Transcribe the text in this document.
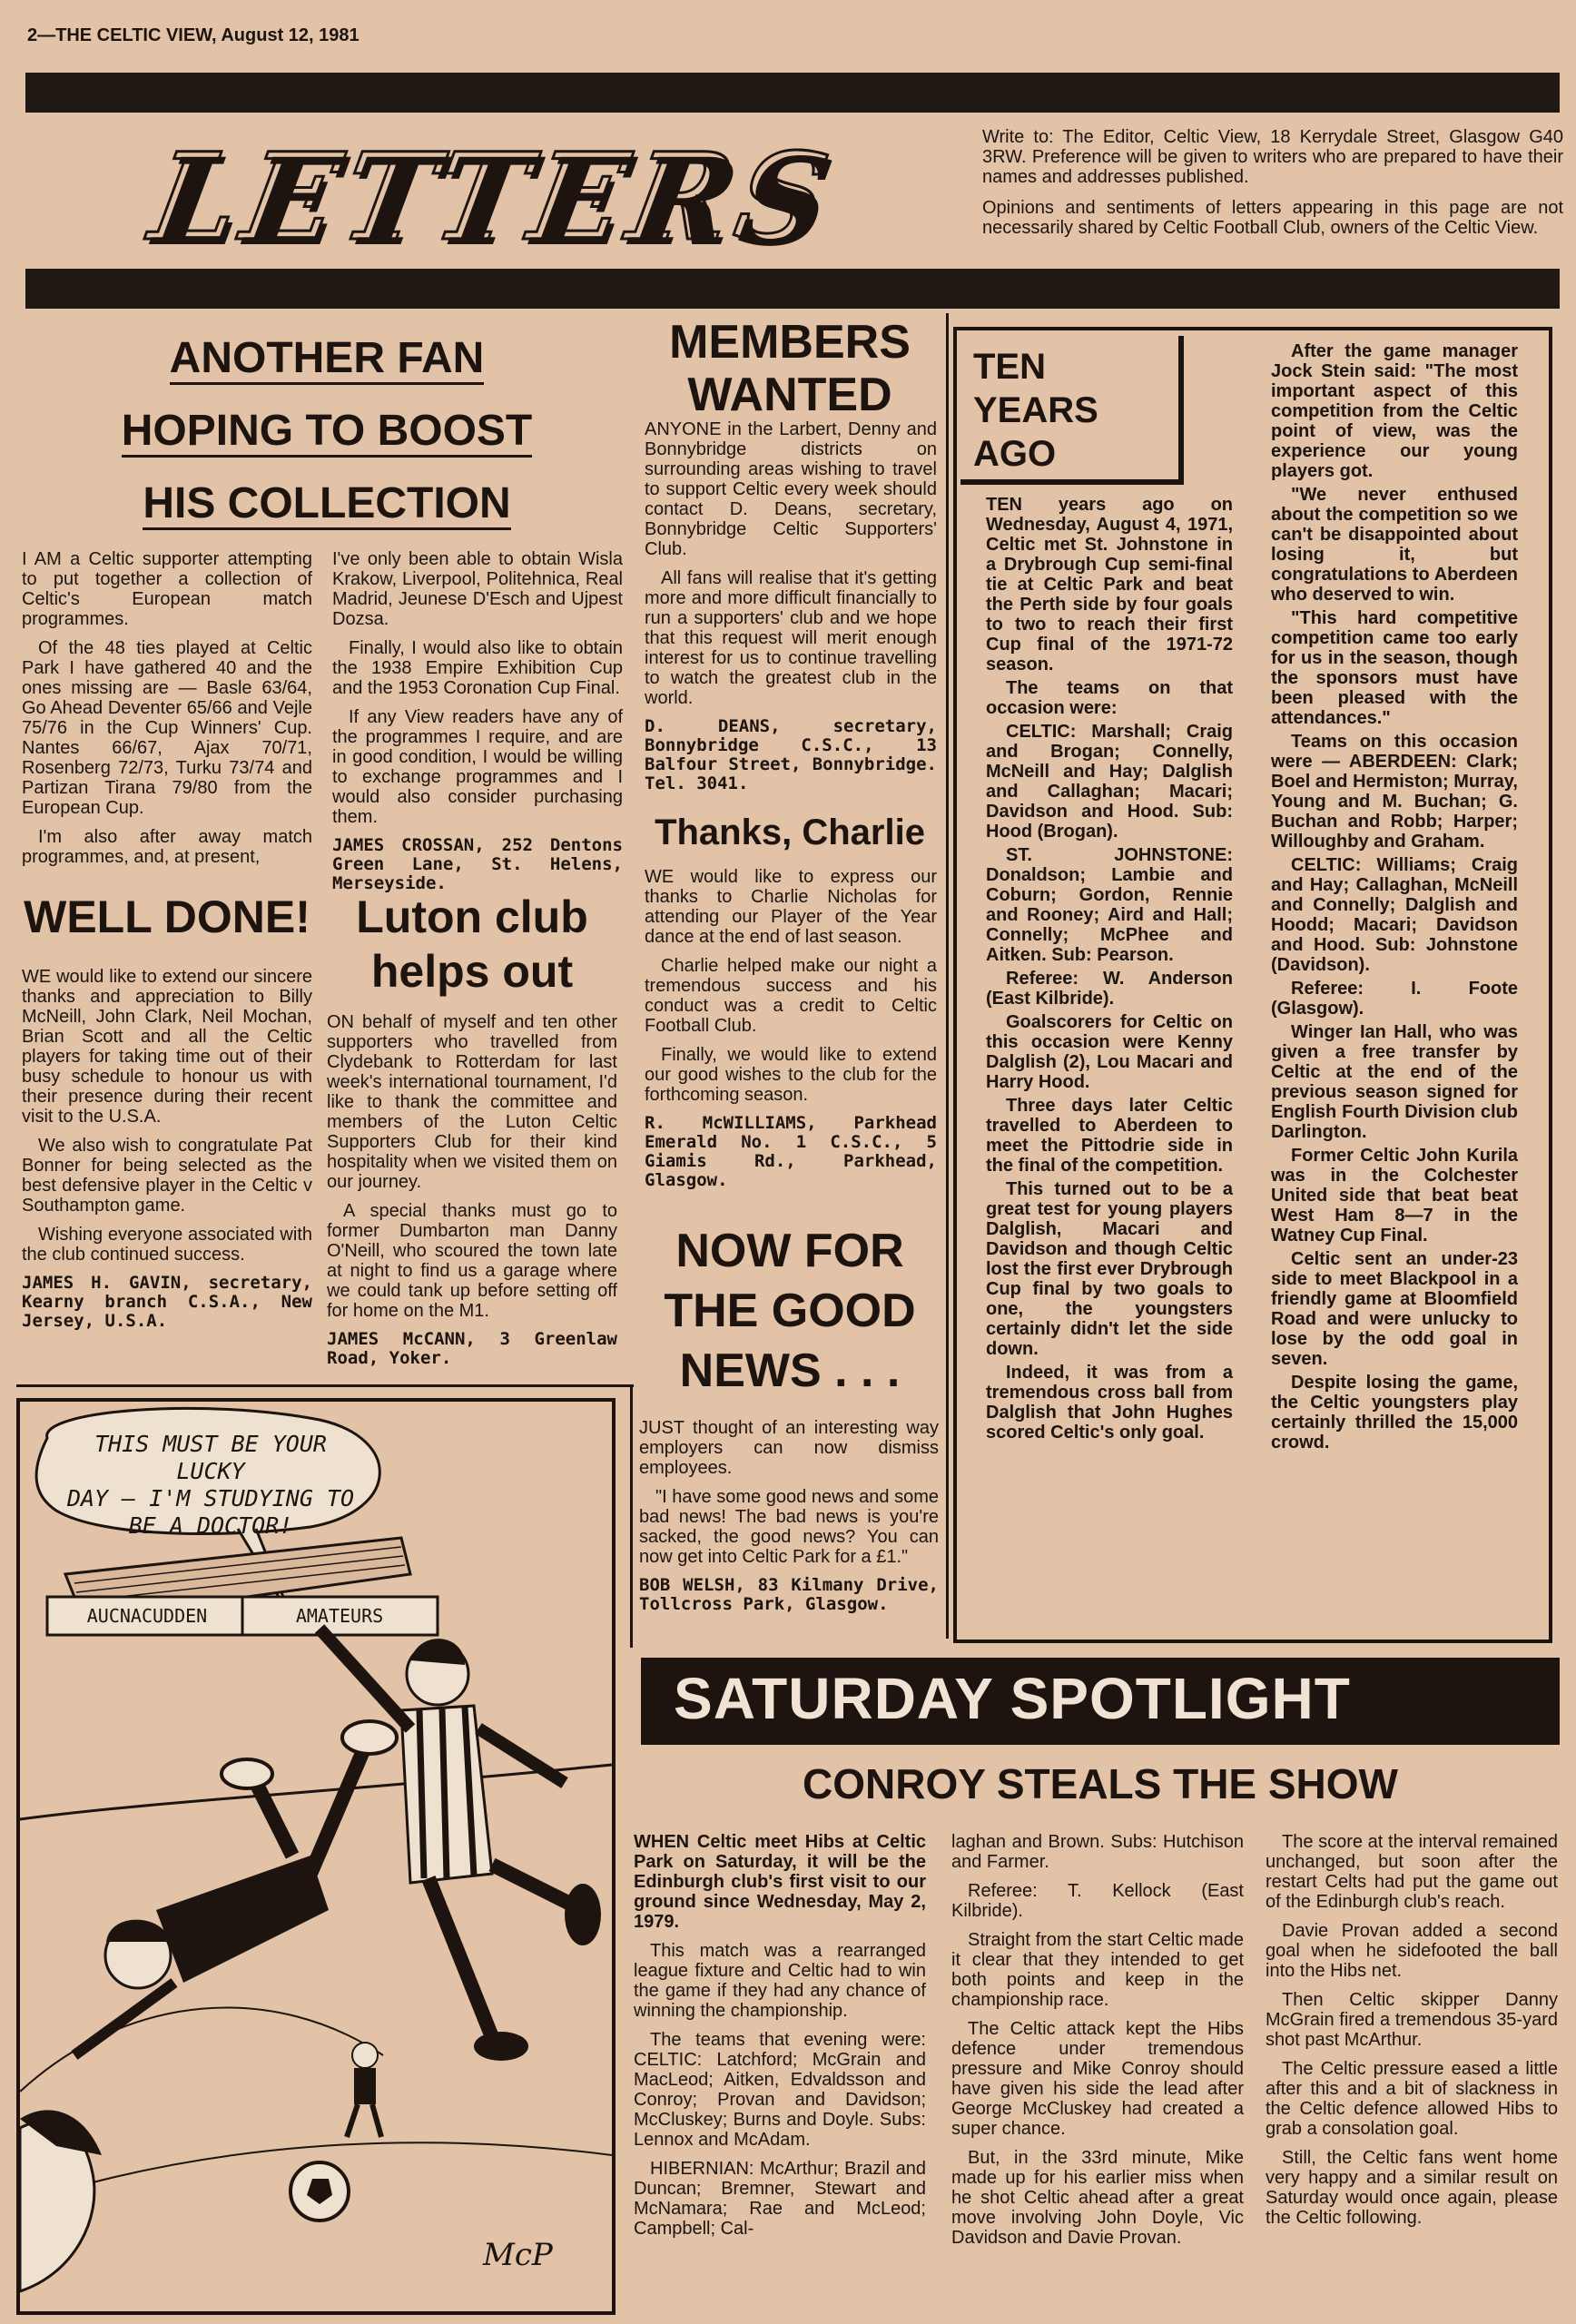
2—THE CELTIC VIEW, August 12, 1981
LETTERS	Write to: The Editor, Celtic View, 18 Kerrydale Street, Glasgow G40 3RW. Preference will be given to writers who are prepared to have their names and addresses published.

Opinions and sentiments of letters appearing in this page are not necessarily shared by Celtic Football Club, owners of the Celtic View.

ANOTHER FAN
HOPING TO BOOST
HIS COLLECTION

I AM a Celtic supporter attempting to put together a collection of Celtic's European match programmes.

Of the 48 ties played at Celtic Park I have gathered 40 and the ones missing are — Basle 63/64, Go Ahead Deventer 65/66 and Vejle 75/76 in the Cup Winners' Cup. Nantes 66/67, Ajax 70/71, Rosenberg 72/73, Turku 73/74 and Partizan Tirana 79/80 from the European Cup.

I'm also after away match programmes, and, at present,

I've only been able to obtain Wisla Krakow, Liverpool, Politehnica, Real Madrid, Jeunese D'Esch and Ujpest Dozsa.

Finally, I would also like to obtain the 1938 Empire Exhibition Cup and the 1953 Coronation Cup Final.

If any View readers have any of the programmes I require, and are in good condition, I would be willing to exchange programmes and I would also consider purchasing them.

JAMES CROSSAN, 252 Dentons Green Lane, St. Helens, Merseyside.

WELL DONE!

WE would like to extend our sincere thanks and appreciation to Billy McNeill, John Clark, Neil Mochan, Brian Scott and all the Celtic players for taking time out of their busy schedule to honour us with their presence during their recent visit to the U.S.A.

We also wish to congratulate Pat Bonner for being selected as the best defensive player in the Celtic v Southampton game.

Wishing everyone associated with the club continued success.

JAMES H. GAVIN, secretary, Kearny branch C.S.A., New Jersey, U.S.A.

Luton club
helps out

ON behalf of myself and ten other supporters who travelled from Clydebank to Rotterdam for last week's international tournament, I'd like to thank the committee and members of the Luton Celtic Supporters Club for their kind hospitality when we visited them on our journey.

A special thanks must go to former Dumbarton man Danny O'Neill, who scoured the town late at night to find us a garage where we could tank up before setting off for home on the M1.

JAMES McCANN, 3 Greenlaw Road, Yoker.

MEMBERS
WANTED

ANYONE in the Larbert, Denny and Bonnybridge districts on surrounding areas wishing to travel to support Celtic every week should contact D. Deans, secretary, Bonnybridge Celtic Supporters' Club.

All fans will realise that it's getting more and more difficult financially to run a supporters' club and we hope that this request will merit enough interest for us to continue travelling to watch the greatest club in the world.

D. DEANS, secretary, Bonnybridge C.S.C., 13 Balfour Street, Bonnybridge. Tel. 3041.

Thanks, Charlie

WE would like to express our thanks to Charlie Nicholas for attending our Player of the Year dance at the end of last season.

Charlie helped make our night a tremendous success and his conduct was a credit to Celtic Football Club.

Finally, we would like to extend our good wishes to the club for the forthcoming season.

R. McWILLIAMS, Parkhead Emerald No. 1 C.S.C., 5 Giamis Rd., Parkhead, Glasgow.

NOW FOR
THE GOOD
NEWS . . .

JUST thought of an interesting way employers can now dismiss employees.

"I have some good news and some bad news! The bad news is you're sacked, the good news? You can now get into Celtic Park for a £1."

BOB WELSH, 83 Kilmany Drive, Tollcross Park, Glasgow.

TEN
YEARS
AGO

TEN years ago on Wednesday, August 4, 1971, Celtic met St. Johnstone in a Drybrough Cup semi-final tie at Celtic Park and beat the Perth side by four goals to two to reach their first Cup final of the 1971-72 season.

The teams on that occasion were:

CELTIC: Marshall; Craig and Brogan; Connelly, McNeill and Hay; Dalglish and Callaghan; Macari; Davidson and Hood. Sub: Hood (Brogan).

ST. JOHNSTONE: Donaldson; Lambie and Coburn; Gordon, Rennie and Rooney; Aird and Hall; Connelly; McPhee and Aitken. Sub: Pearson.

Referee: W. Anderson (East Kilbride).

Goalscorers for Celtic on this occasion were Kenny Dalglish (2), Lou Macari and Harry Hood.

Three days later Celtic travelled to Aberdeen to meet the Pittodrie side in the final of the competition.

This turned out to be a great test for young players Dalglish, Macari and Davidson and though Celtic lost the first ever Drybrough Cup final by two goals to one, the youngsters certainly didn't let the side down.

Indeed, it was from a tremendous cross ball from Dalglish that John Hughes scored Celtic's only goal.

After the game manager Jock Stein said: "The most important aspect of this competition from the Celtic point of view, was the experience our young players got.

"We never enthused about the competition so we can't be disappointed about losing it, but congratulations to Aberdeen who deserved to win.

"This hard competitive competition came too early for us in the season, though the sponsors must have been pleased with the attendances."

Teams on this occasion were — ABERDEEN: Clark; Boel and Hermiston; Murray, Young and M. Buchan; G. Buchan and Robb; Harper; Willoughby and Graham.

CELTIC: Williams; Craig and Hay; Callaghan, McNeill and Connelly; Dalglish and Hoodd; Macari; Davidson and Hood. Sub: Johnstone (Davidson).

Referee: I. Foote (Glasgow).

Winger Ian Hall, who was given a free transfer by Celtic at the end of the previous season signed for English Fourth Division club Darlington.

Former Celtic John Kurila was in the Colchester United side that beat beat West Ham 8—7 in the Watney Cup Final.

Celtic sent an under-23 side to meet Blackpool in a friendly game at Bloomfield Road and were unlucky to lose by the odd goal in seven.

Despite losing the game, the Celtic youngsters play certainly thrilled the 15,000 crowd.

THIS MUST BE YOUR LUCKY
DAY — I'M STUDYING TO
BE A DOCTOR!
AUCNACUDDEN	AMATEURS
McP
SATURDAY SPOTLIGHT
CONROY STEALS THE SHOW

WHEN Celtic meet Hibs at Celtic Park on Saturday, it will be the Edinburgh club's first visit to our ground since Wednesday, May 2, 1979.

This match was a rearranged league fixture and Celtic had to win the game if they had any chance of winning the championship.

The teams that evening were: CELTIC: Latchford; McGrain and MacLeod; Aitken, Edvaldsson and Conroy; Provan and Davidson; McCluskey; Burns and Doyle. Subs: Lennox and McAdam.

HIBERNIAN: McArthur; Brazil and Duncan; Bremner, Stewart and McNamara; Rae and McLeod; Campbell; Cal-

laghan and Brown. Subs: Hutchison and Farmer.

Referee: T. Kellock (East Kilbride).

Straight from the start Celtic made it clear that they intended to get both points and keep in the championship race.

The Celtic attack kept the Hibs defence under tremendous pressure and Mike Conroy should have given his side the lead after George McCluskey had created a super chance.

But, in the 33rd minute, Mike made up for his earlier miss when he shot Celtic ahead after a great move involving John Doyle, Vic Davidson and Davie Provan.

The score at the interval remained unchanged, but soon after the restart Celts had put the game out of the Edinburgh club's reach.

Davie Provan added a second goal when he sidefooted the ball into the Hibs net.

Then Celtic skipper Danny McGrain fired a tremendous 35-yard shot past McArthur.

The Celtic pressure eased a little after this and a bit of slackness in the Celtic defence allowed Hibs to grab a consolation goal.

Still, the Celtic fans went home very happy and a similar result on Saturday would once again, please the Celtic following.
